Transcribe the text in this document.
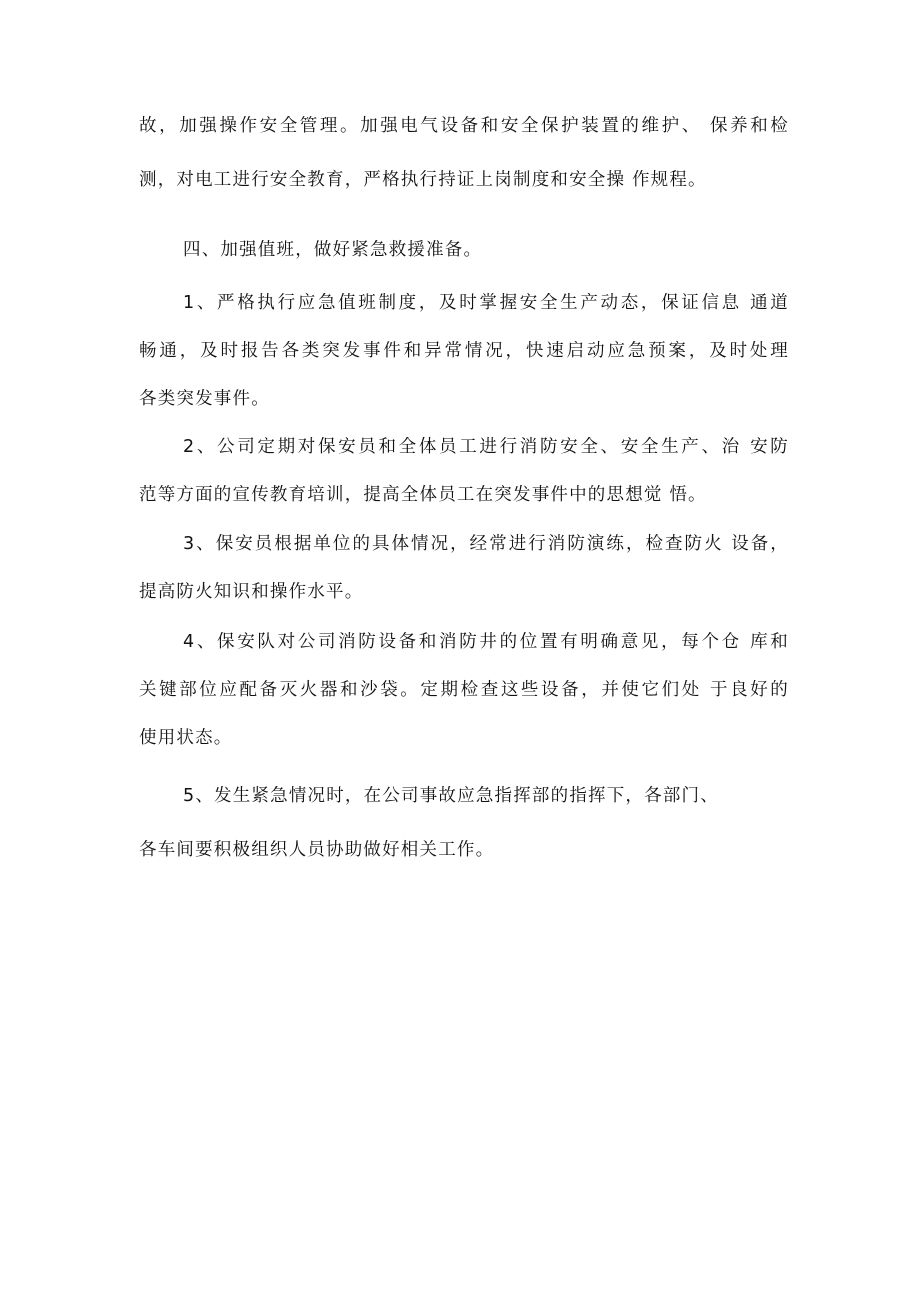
故，加强操作安全管理。加强电气设备和安全保护装置的维护、 保养和检
测，对电工进行安全教育，严格执行持证上岗制度和安全操 作规程。
四、加强值班，做好紧急救援准备。
1、严格执行应急值班制度，及时掌握安全生产动态，保证信息 通道
畅通，及时报告各类突发事件和异常情况，快速启动应急预案，及时处理
各类突发事件。
2、公司定期对保安员和全体员工进行消防安全、安全生产、治 安防
范等方面的宣传教育培训，提高全体员工在突发事件中的思想觉 悟。
3、保安员根据单位的具体情况，经常进行消防演练，检查防火 设备，
提高防火知识和操作水平。
4、保安队对公司消防设备和消防井的位置有明确意见，每个仓 库和
关键部位应配备灭火器和沙袋。定期检查这些设备，并使它们处 于良好的
使用状态。
5、发生紧急情况时，在公司事故应急指挥部的指挥下，各部门、
各车间要积极组织人员协助做好相关工作。
